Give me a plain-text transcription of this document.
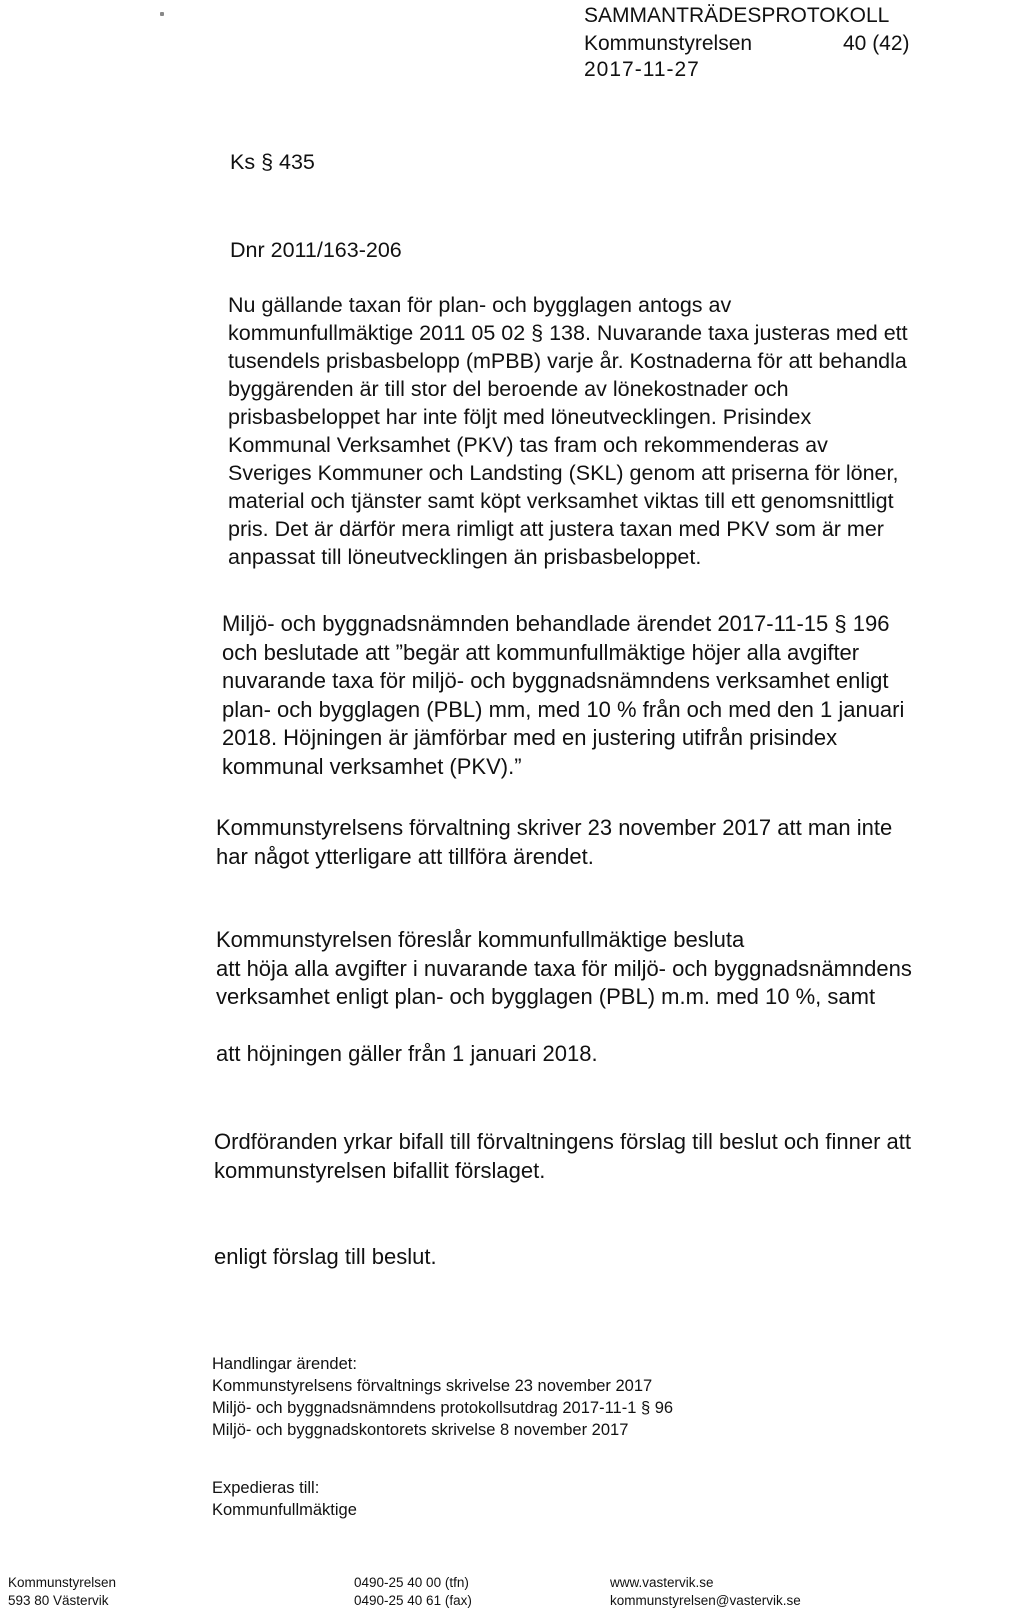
SAMMANTRÄDESPROTOKOLL
Kommunstyrelsen	40 (42)
2017-11-27
Ks § 435
Dnr 2011/163-206
Nu gällande taxan för plan- och bygglagen antogs av
kommunfullmäktige 2011 05 02 § 138. Nuvarande taxa justeras med ett
tusendels prisbasbelopp (mPBB) varje år. Kostnaderna för att behandla
byggärenden är till stor del beroende av lönekostnader och
prisbasbeloppet har inte följt med löneutvecklingen. Prisindex
Kommunal Verksamhet (PKV) tas fram och rekommenderas av
Sveriges Kommuner och Landsting (SKL) genom att priserna för löner,
material och tjänster samt köpt verksamhet viktas till ett genomsnittligt
pris. Det är därför mera rimligt att justera taxan med PKV som är mer
anpassat till löneutvecklingen än prisbasbeloppet.
Miljö- och byggnadsnämnden behandlade ärendet 2017-11-15 § 196
och beslutade att ”begär att kommunfullmäktige höjer alla avgifter
nuvarande taxa för miljö- och byggnadsnämndens verksamhet enligt
plan- och bygglagen (PBL) mm, med 10 % från och med den 1 januari
2018. Höjningen är jämförbar med en justering utifrån prisindex
kommunal verksamhet (PKV).”
Kommunstyrelsens förvaltning skriver 23 november 2017 att man inte
har något ytterligare att tillföra ärendet.
Kommunstyrelsen föreslår kommunfullmäktige besluta
att höja alla avgifter i nuvarande taxa för miljö- och byggnadsnämndens
verksamhet enligt plan- och bygglagen (PBL) m.m. med 10 %, samt
att höjningen gäller från 1 januari 2018.
Ordföranden yrkar bifall till förvaltningens förslag till beslut och finner att
kommunstyrelsen bifallit förslaget.
enligt förslag till beslut.
Handlingar ärendet:
Kommunstyrelsens förvaltnings skrivelse 23 november 2017
Miljö- och byggnadsnämndens protokollsutdrag 2017-11-1 § 96
Miljö- och byggnadskontorets skrivelse 8 november 2017
Expedieras till:
Kommunfullmäktige
Kommunstyrelsen
593 80 Västervik
0490-25 40 00 (tfn)
0490-25 40 61 (fax)
www.vastervik.se
kommunstyrelsen@vastervik.se
